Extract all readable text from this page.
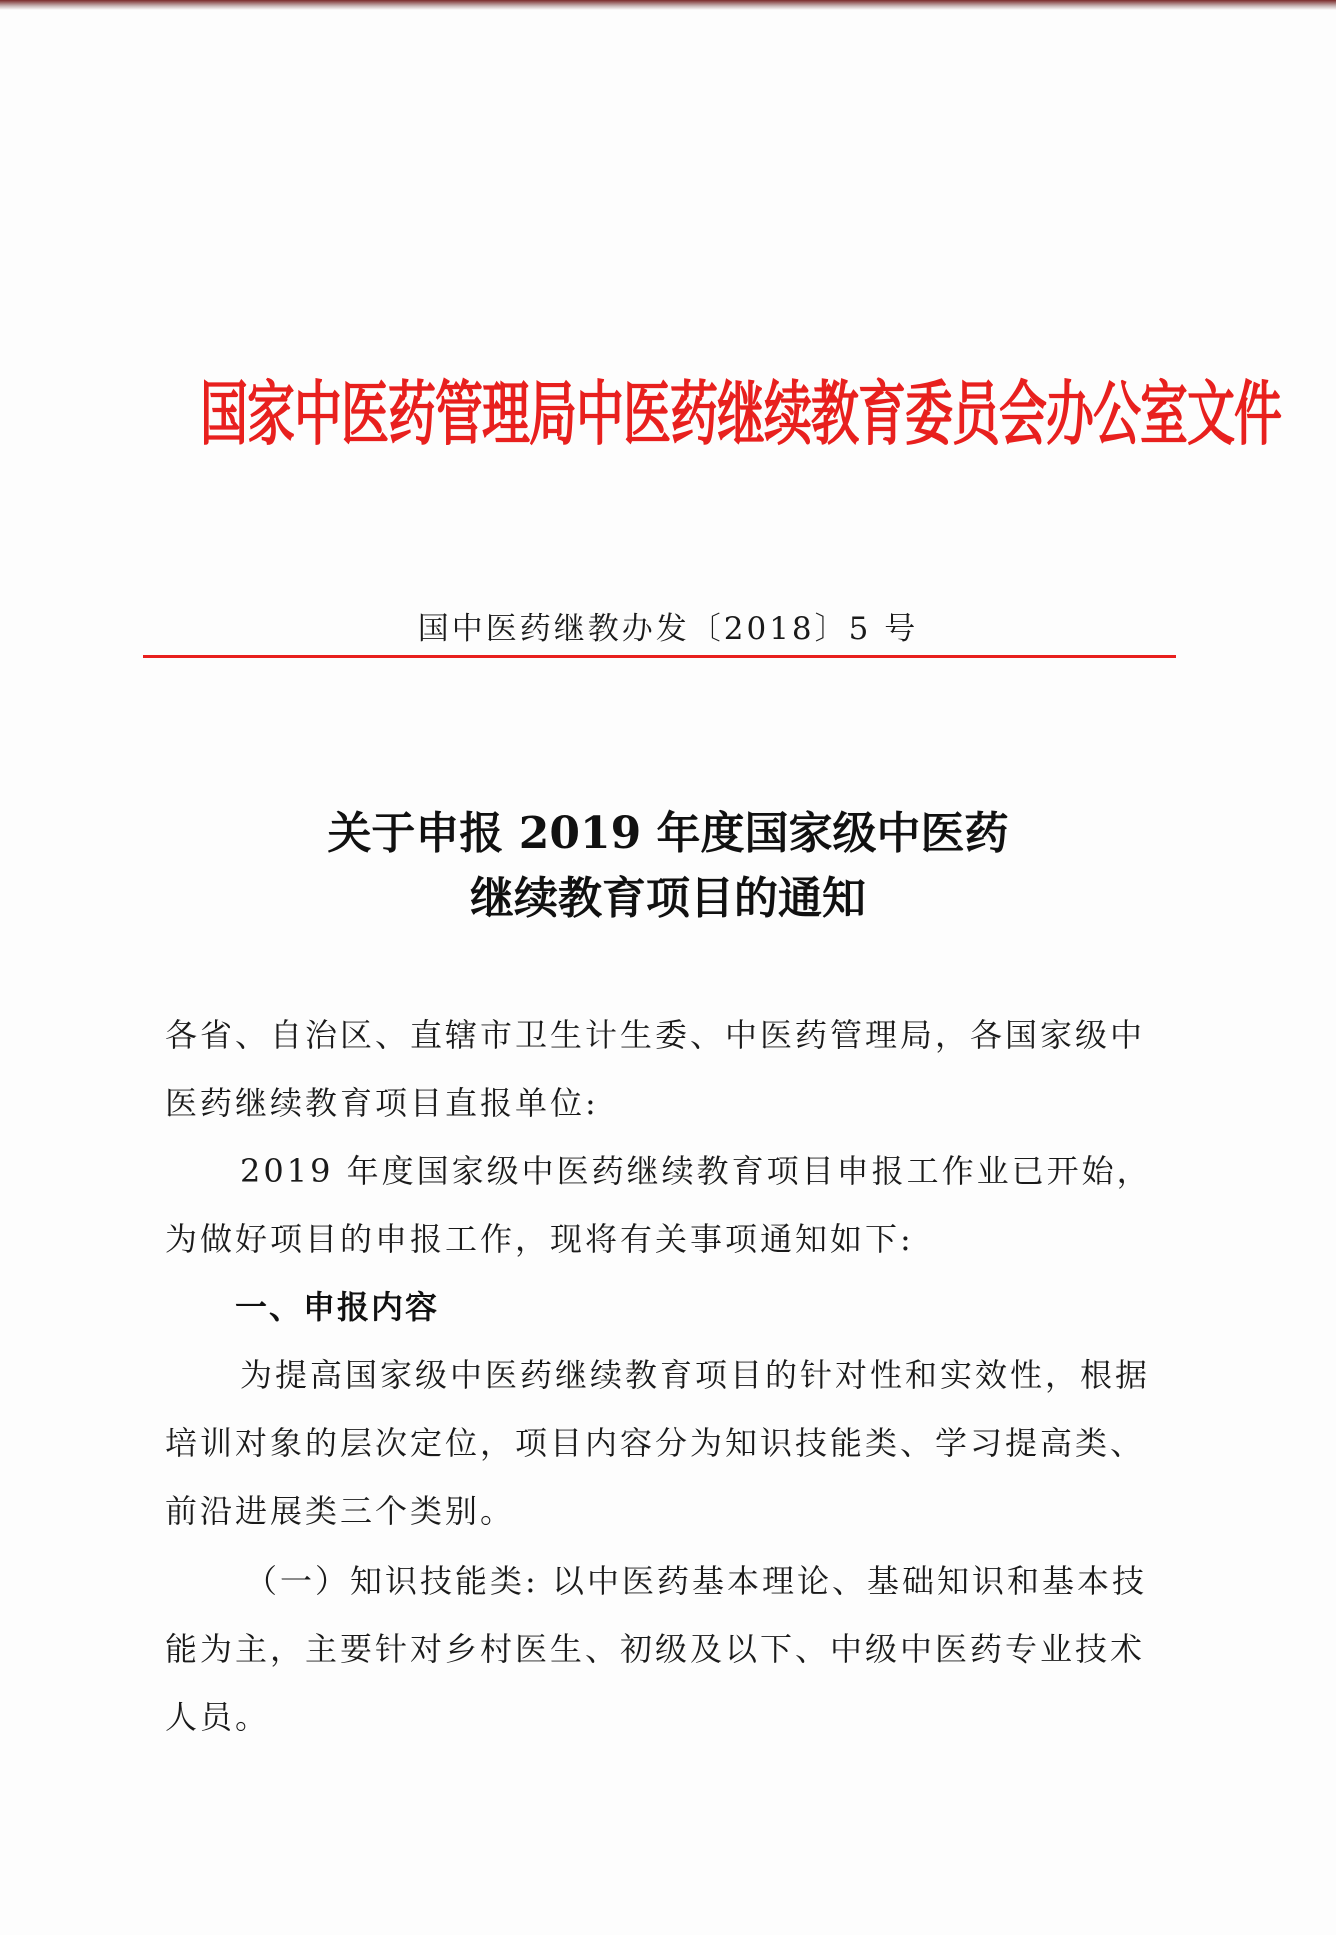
国家中医药管理局中医药继续教育委员会办公室文件
国中医药继教办发〔2018〕5 号
关于申报 2019 年度国家级中医药
继续教育项目的通知
各省、自治区、直辖市卫生计生委、中医药管理局，各国家级中
医药继续教育项目直报单位:
　2019 年度国家级中医药继续教育项目申报工作业已开始，
为做好项目的申报工作，现将有关事项通知如下:
一、申报内容
　为提高国家级中医药继续教育项目的针对性和实效性，根据
培训对象的层次定位，项目内容分为知识技能类、学习提高类、
前沿进展类三个类别。
（一）知识技能类: 以中医药基本理论、基础知识和基本技
能为主，主要针对乡村医生、初级及以下、中级中医药专业技术
人员。
